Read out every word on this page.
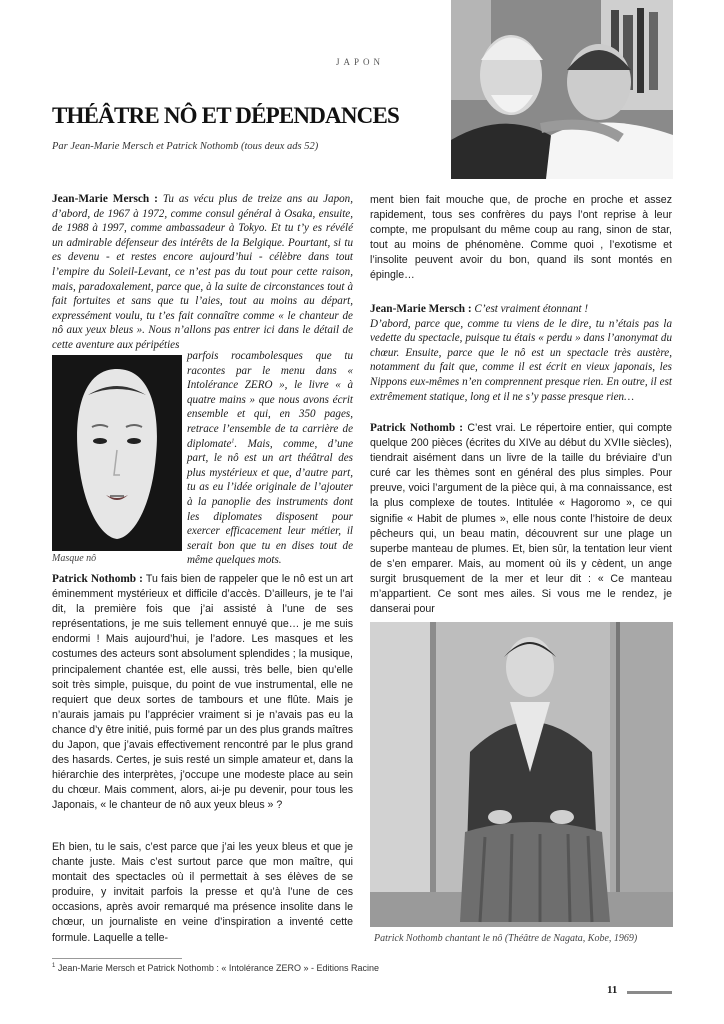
JAPON
THÉÂTRE NÔ ET DÉPENDANCES
Par Jean-Marie Mersch et Patrick Nothomb (tous deux ads 52)
Jean-Marie Mersch : Tu as vécu plus de treize ans au Japon, d’abord, de 1967 à 1972, comme consul général à Osaka, ensuite, de 1988 à 1997, comme ambassadeur à Tokyo. Et tu t’y es révélé un admirable défenseur des intérêts de la Belgique. Pourtant, si tu es devenu - et restes encore aujourd’hui - célèbre dans tout l’empire du Soleil-Levant, ce n’est pas du tout pour cette raison, mais, paradoxalement, parce que, à la suite de circonstances tout à fait fortuites et sans que tu l’aies, tout au moins au départ, expressément voulu, tu t’es fait connaître comme « le chanteur de nô aux yeux bleus ». Nous n’allons pas entrer ici dans le détail de cette aventure aux péripéties
Masque nô
parfois rocambolesques que tu racontes par le menu dans « Intolérance ZERO », le livre « à quatre mains » que nous avons écrit ensemble et qui, en 350 pages, retrace l’ensemble de ta carrière de diplomate$^1$. Mais, comme, d’une part, le nô est un art théâtral des plus mystérieux et que, d’autre part, tu as eu l’idée originale de l’ajouter à la panoplie des instruments dont les diplomates disposent pour exercer efficacement leur métier, il serait bon que tu en dises tout de même quelques mots.
Patrick Nothomb : Tu fais bien de rappeler que le nô est un art éminemment mystérieux et difficile d’accès. D’ailleurs, je te l’ai dit, la première fois que j’ai assisté à l’une de ses représentations, je me suis tellement ennuyé que… je me suis endormi ! Mais aujourd’hui, je l’adore. Les masques et les costumes des acteurs sont absolument splendides ; la musique, principalement chantée est, elle aussi, très belle, bien qu’elle soit très simple, puisque, du point de vue instrumental, elle ne requiert que deux sortes de tambours et une flûte. Mais je n’aurais jamais pu l’apprécier vraiment si je n’avais pas eu la chance d’y être initié, puis formé par un des plus grands maîtres du Japon, que j’avais effectivement rencontré par le plus grand des hasards. Certes, je suis resté un simple amateur et, dans la hiérarchie des interprètes, j’occupe une modeste place au sein du chœur. Mais comment, alors, ai-je pu devenir, pour tous les Japonais, « le chanteur de nô aux yeux bleus » ?
Eh bien, tu le sais, c’est parce que j’ai les yeux bleus et que je chante juste. Mais c’est surtout parce que mon maître, qui montait des spectacles où il permettait à ses élèves de se produire, y invitait parfois la presse et qu’à l’une de ces occasions, après avoir remarqué ma présence insolite dans le chœur, un journaliste en veine d’inspiration a inventé cette formule. Laquelle a telle-
ment bien fait mouche que, de proche en proche et assez rapidement, tous ses confrères du pays l’ont reprise à leur compte, me propulsant du même coup au rang, sinon de star, tout au moins de phénomène. Comme quoi , l’exotisme et l’insolite peuvent avoir du bon, quand ils sont montés en épingle…
Jean-Marie Mersch : C’est vraiment étonnant !
D’abord, parce que, comme tu viens de le dire, tu n’étais pas la vedette du spectacle, puisque tu étais « perdu » dans l’anonymat du chœur. Ensuite, parce que le nô est un spectacle très austère, notamment du fait que, comme il est écrit en vieux japonais, les Nippons eux-mêmes n’en comprennent presque rien. En outre, il est extrêmement statique, long et il ne s’y passe presque rien…
Patrick Nothomb : C’est vrai. Le répertoire entier, qui compte quelque 200 pièces (écrites du XIVe au début du XVIIe siècles), tiendrait aisément dans un livre de la taille du bréviaire d’un curé car les thèmes sont en général des plus simples. Pour preuve, voici l’argument de la pièce qui, à ma connaissance, est la plus complexe de toutes. Intitulée « Hagoromo », ce qui signifie « Habit de plumes », elle nous conte l’histoire de deux pêcheurs qui, un beau matin, découvrent sur une plage un superbe manteau de plumes. Et, bien sûr, la tentation leur vient de s’en emparer. Mais, au moment où ils y cèdent, un ange surgit brusquement de la mer et leur dit : « Ce manteau m’appartient. Ce sont mes ailes. Si vous me le rendez, je danserai pour
Patrick Nothomb chantant le nô (Théâtre de Nagata, Kobe, 1969)
$^1$ Jean-Marie Mersch et Patrick Nothomb : « Intolérance ZERO » - Editions Racine
11
